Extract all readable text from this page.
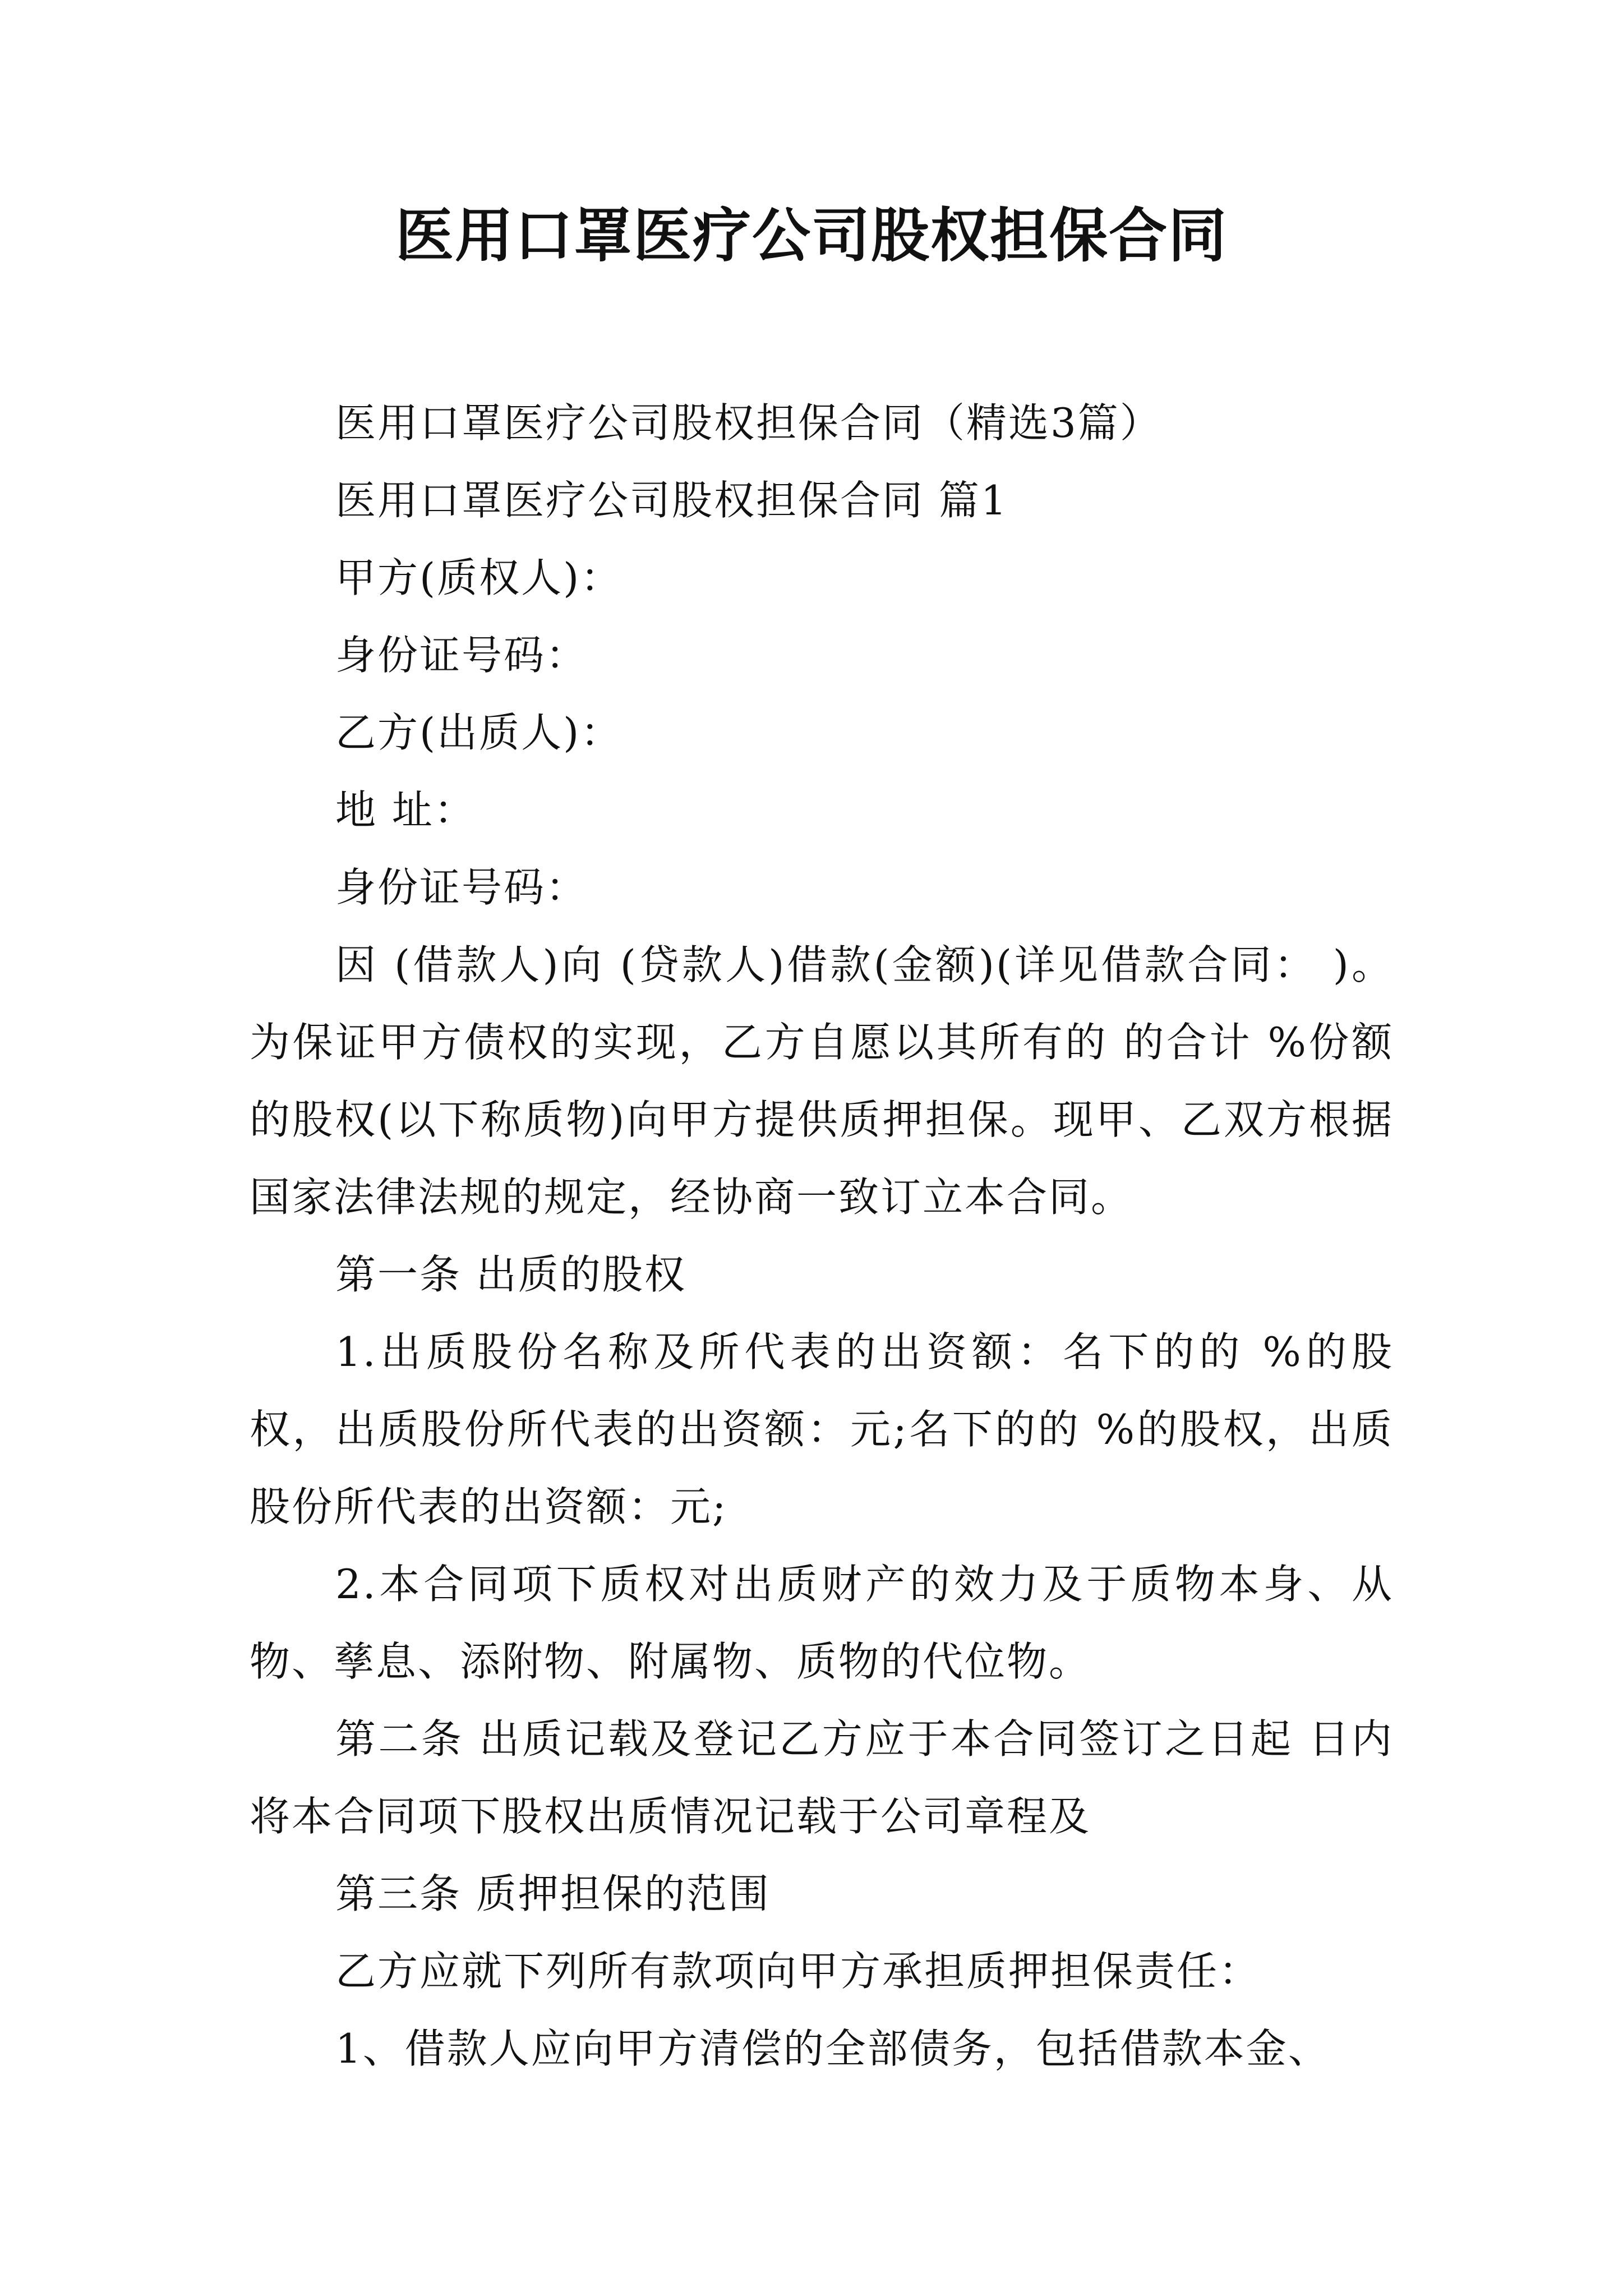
医用口罩医疗公司股权担保合同

医用口罩医疗公司股权担保合同（精选3篇）

医用口罩医疗公司股权担保合同 篇1

甲方(质权人)：

身份证号码：

乙方(出质人)：

地 址：

身份证号码：

因 (借款人)向 (贷款人)借款(金额)(详见借款合同： )。为保证甲方债权的实现，乙方自愿以其所有的 的合计 %份额的股权(以下称质物)向甲方提供质押担保。现甲、乙双方根据国家法律法规的规定，经协商一致订立本合同。

第一条 出质的股权

1.出质股份名称及所代表的出资额：名下的的 %的股权，出质股份所代表的出资额：元;名下的的 %的股权，出质股份所代表的出资额：元;

2.本合同项下质权对出质财产的效力及于质物本身、从物、孳息、添附物、附属物、质物的代位物。

第二条 出质记载及登记乙方应于本合同签订之日起 日内将本合同项下股权出质情况记载于公司章程及

第三条 质押担保的范围

乙方应就下列所有款项向甲方承担质押担保责任：

1、借款人应向甲方清偿的全部债务，包括借款本金、
